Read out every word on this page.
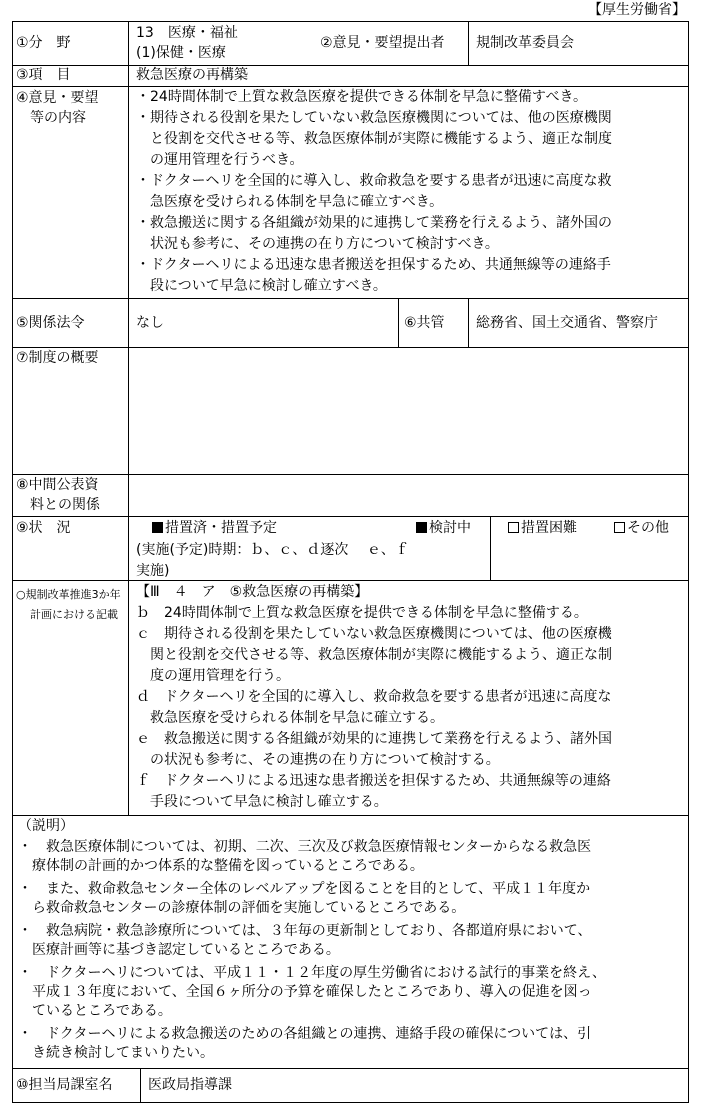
【厚生労働省】
①分　野
13　医療・福祉
(1)保健・医療
②意見・要望提出者 規制改革委員会
③項　目	救急医療の再構築
④意見・要望
等の内容
・24時間体制で上質な救急医療を提供できる体制を早急に整備すべき。
・期待される役割を果たしていない救急医療機関については、他の医療機関
と役割を交代させる等、救急医療体制が実際に機能するよう、適正な制度
の運用管理を行うべき。
・ドクターヘリを全国的に導入し、救命救急を要する患者が迅速に高度な救
急医療を受けられる体制を早急に確立すべき。
・救急搬送に関する各組織が効果的に連携して業務を行えるよう、諸外国の
状況も参考に、その連携の在り方について検討すべき。
・ドクターヘリによる迅速な患者搬送を担保するため、共通無線等の連絡手
段について早急に検討し確立すべき。
⑤関係法令	なし	⑥共管 総務省、国土交通省、警察庁
⑦制度の概要
⑧中間公表資
料との関係
⑨状　況	措置済・措置予定	検討中	措置困難	その他
(実施(予定)時期：ｂ、ｃ、ｄ逐次　 ｅ、ｆ
実施)
○規制改革推進3か年
計画における記載
【Ⅲ　４　ア　⑤救急医療の再構築】
ｂ　24時間体制で上質な救急医療を提供できる体制を早急に整備する。
ｃ　期待される役割を果たしていない救急医療機関については、他の医療機
関と役割を交代させる等、救急医療体制が実際に機能するよう、適正な制
度の運用管理を行う。
ｄ　ドクターヘリを全国的に導入し、救命救急を要する患者が迅速に高度な
救急医療を受けられる体制を早急に確立する。
ｅ　救急搬送に関する各組織が効果的に連携して業務を行えるよう、諸外国
の状況も参考に、その連携の在り方について検討する。
ｆ　ドクターヘリによる迅速な患者搬送を担保するため、共通無線等の連絡
手段について早急に検討し確立する。
（説明）
・　救急医療体制については、初期、二次、三次及び救急医療情報センターからなる救急医
療体制の計画的かつ体系的な整備を図っているところである。
・　また、救命救急センター全体のレベルアップを図ることを目的として、平成１１年度か
ら救命救急センターの診療体制の評価を実施しているところである。
・　救急病院・救急診療所については、３年毎の更新制としており、各都道府県において、
医療計画等に基づき認定しているところである。
・　ドクターヘリについては、平成１１・１２年度の厚生労働省における試行的事業を終え、
平成１３年度において、全国６ヶ所分の予算を確保したところであり、導入の促進を図っ
ているところである。
・　ドクターヘリによる救急搬送のための各組織との連携、連絡手段の確保については、引
き続き検討してまいりたい。
⑩担当局課室名	医政局指導課
